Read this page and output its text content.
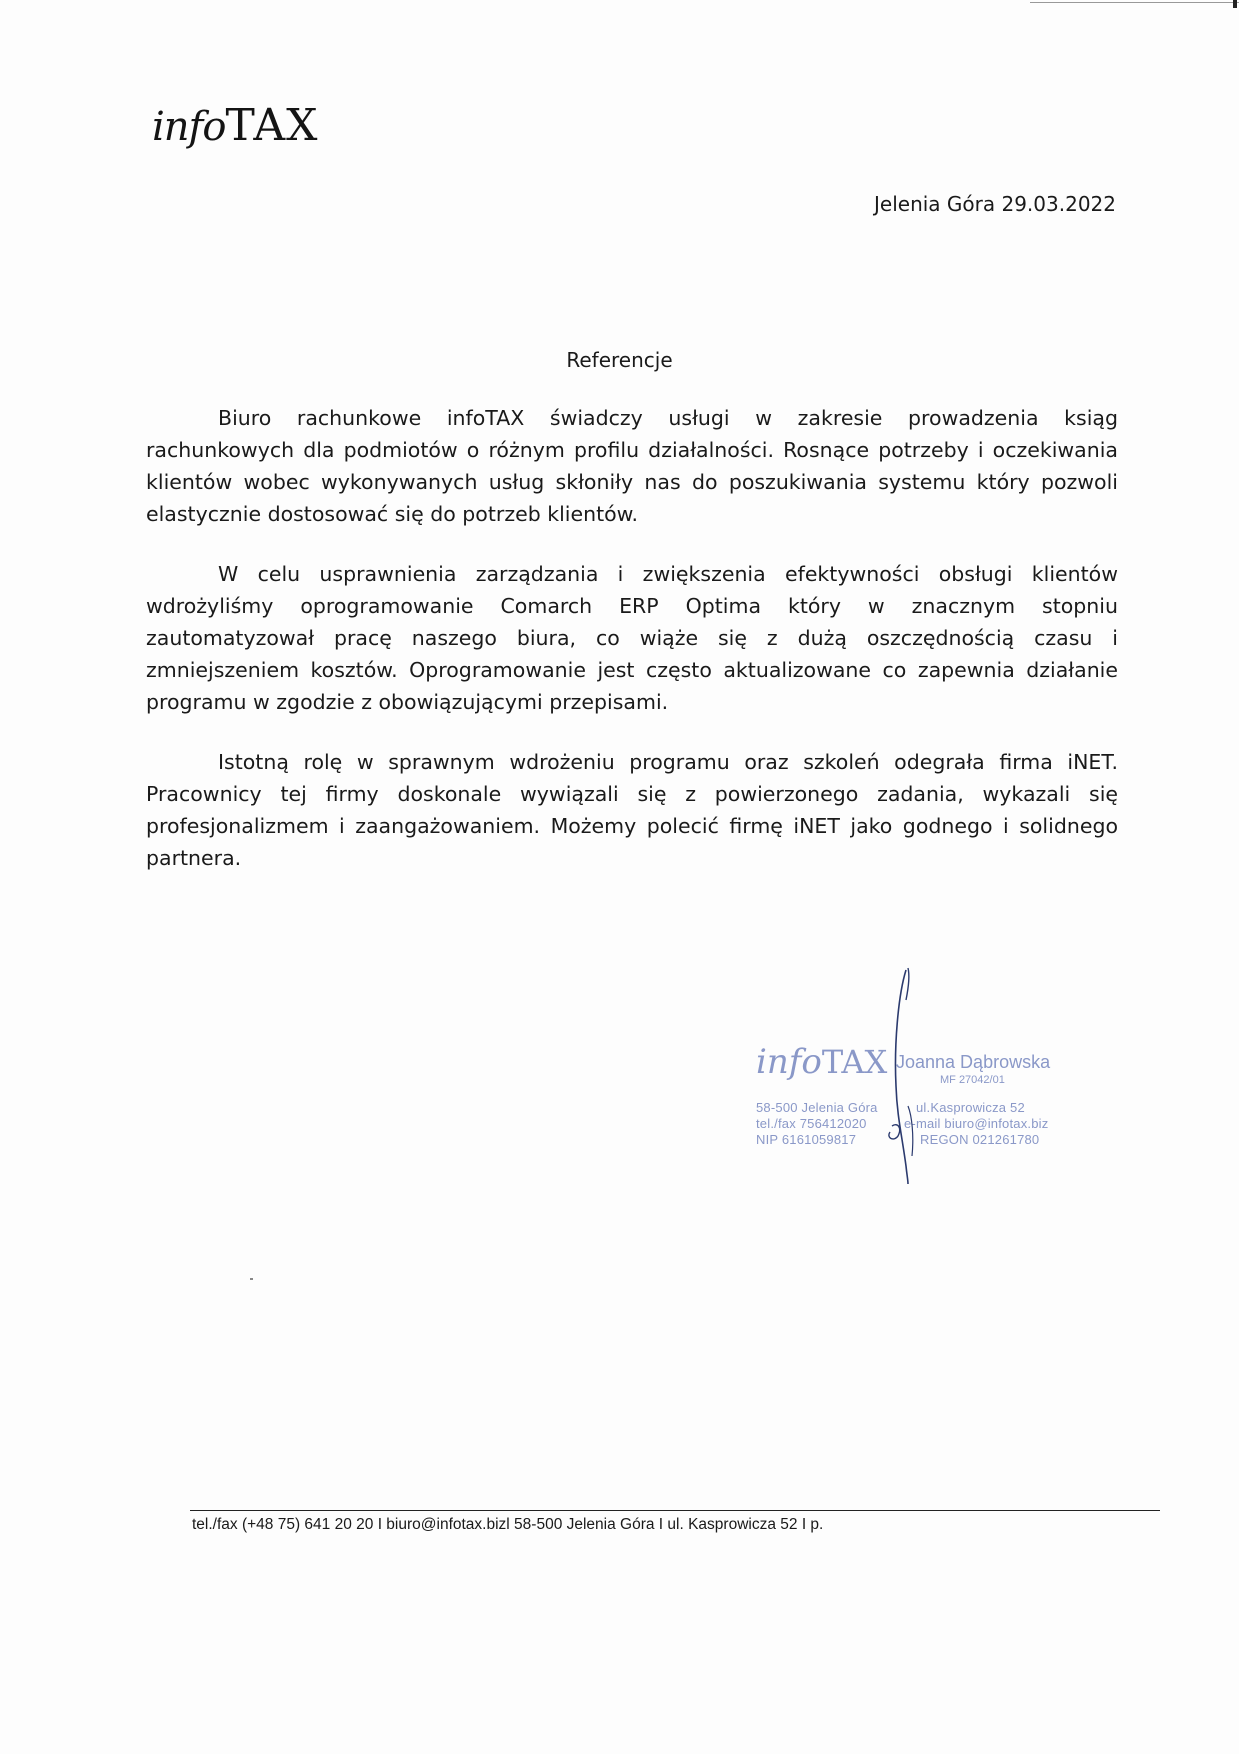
infoTAX
Jelenia Góra 29.03.2022
Referencje

Biuro rachunkowe infoTAX świadczy usługi w zakresie prowadzenia ksiąg rachunkowych dla podmiotów o różnym profilu działalności. Rosnące potrzeby i oczekiwania klientów wobec wykonywanych usług skłoniły nas do poszukiwania systemu który pozwoli elastycznie dostosować się do potrzeb klientów.

W celu usprawnienia zarządzania i zwiększenia efektywności obsługi klientów wdrożyliśmy oprogramowanie Comarch ERP Optima który w znacznym stopniu zautomatyzował pracę naszego biura, co wiąże się z dużą oszczędnością czasu i zmniejszeniem kosztów. Oprogramowanie jest często aktualizowane co zapewnia działanie programu w zgodzie z obowiązującymi przepisami.

Istotną rolę w sprawnym wdrożeniu programu oraz szkoleń odegrała firma iNET. Pracownicy tej firmy doskonale wywiązali się z powierzonego zadania, wykazali się profesjonalizmem i zaangażowaniem. Możemy polecić firmę iNET jako godnego i solidnego partnera.

infoTAX Joanna Dąbrowska
MF 27042/01
58-500 Jelenia Góra	ul.Kasprowicza 52
tel./fax 756412020	e-mail biuro@infotax.biz
NIP 6161059817	REGON 021261780
tel./fax (+48 75) 641 20 20 I biuro@infotax.bizl 58-500 Jelenia Góra I ul. Kasprowicza 52 I p.
